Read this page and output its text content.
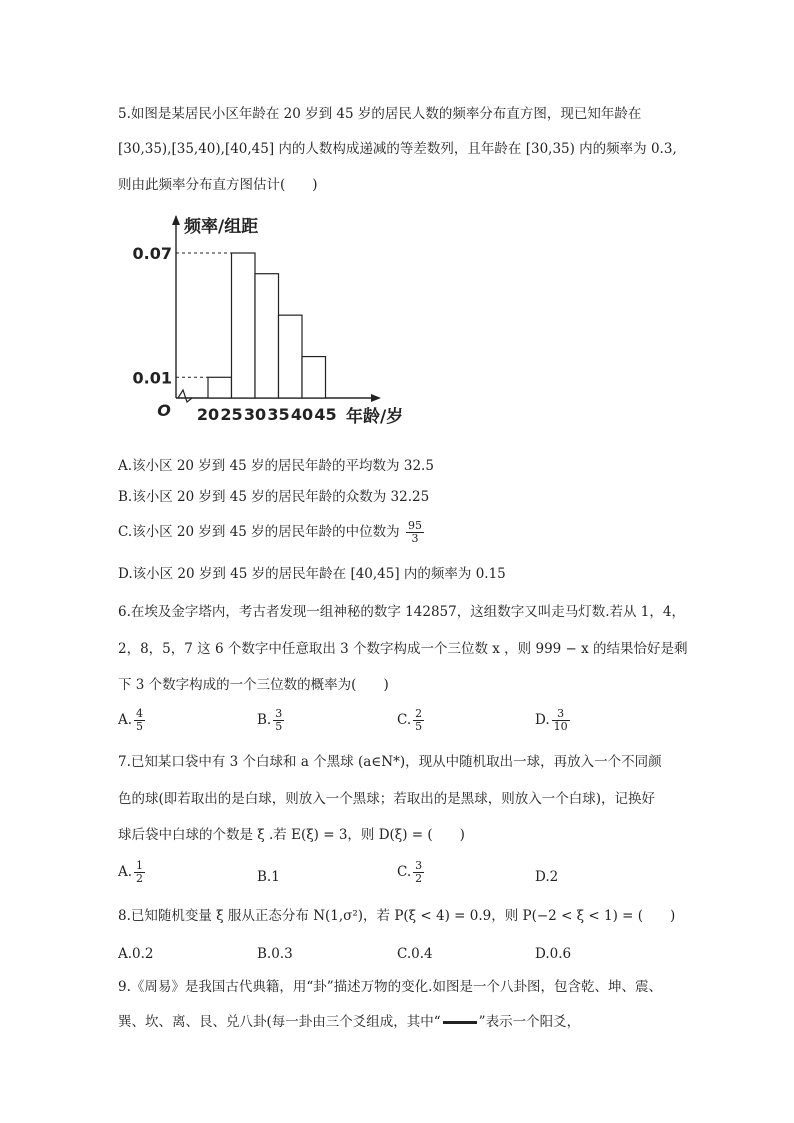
5.如图是某居民小区年龄在 20 岁到 45 岁的居民人数的频率分布直方图，现已知年龄在
[30,35),[35,40),[40,45] 内的人数构成递减的等差数列，且年龄在 [30,35) 内的频率为 0.3,
则由此频率分布直方图估计(　　)
0.07
0.01
20 25 30 35 40 45
O
频率/组距
年龄/岁
A.该小区 20 岁到 45 岁的居民年龄的平均数为 32.5
B.该小区 20 岁到 45 岁的居民年龄的众数为 32.25
C.该小区 20 岁到 45 岁的居民年龄的中位数为 $\frac{95}{3}$
D.该小区 20 岁到 45 岁的居民年龄在 [40,45] 内的频率为 0.15
6.在埃及金字塔内，考古者发现一组神秘的数字 142857，这组数字又叫走马灯数.若从 1，4，
2，8，5，7 这 6 个数字中任意取出 3 个数字构成一个三位数 x ，则 999 − x 的结果恰好是剩
下 3 个数字构成的一个三位数的概率为(　　)
A. $\frac{4}{5}$	B. $\frac{3}{5}$	C. $\frac{2}{5}$	D. $\frac{3}{10}$
7.已知某口袋中有 3 个白球和 a 个黑球 (a∈N*)，现从中随机取出一球，再放入一个不同颜
色的球(即若取出的是白球，则放入一个黑球；若取出的是黑球，则放入一个白球)，记换好
球后袋中白球的个数是 ξ .若 E(ξ) = 3，则 D(ξ) = (　　)
A. $\frac{1}{2}$	B.1	C. $\frac{3}{2}$	D.2
8.已知随机变量 ξ 服从正态分布 N(1,σ²)，若 P(ξ < 4) = 0.9，则 P(−2 < ξ < 1) = (　　)
A.0.2	B.0.3	C.0.4	D.0.6
9.《周易》是我国古代典籍，用“卦”描述万物的变化.如图是一个八卦图，包含乾、坤、震、
巽、坎、离、艮、兑八卦(每一卦由三个爻组成，其中“	”表示一个阳爻，
